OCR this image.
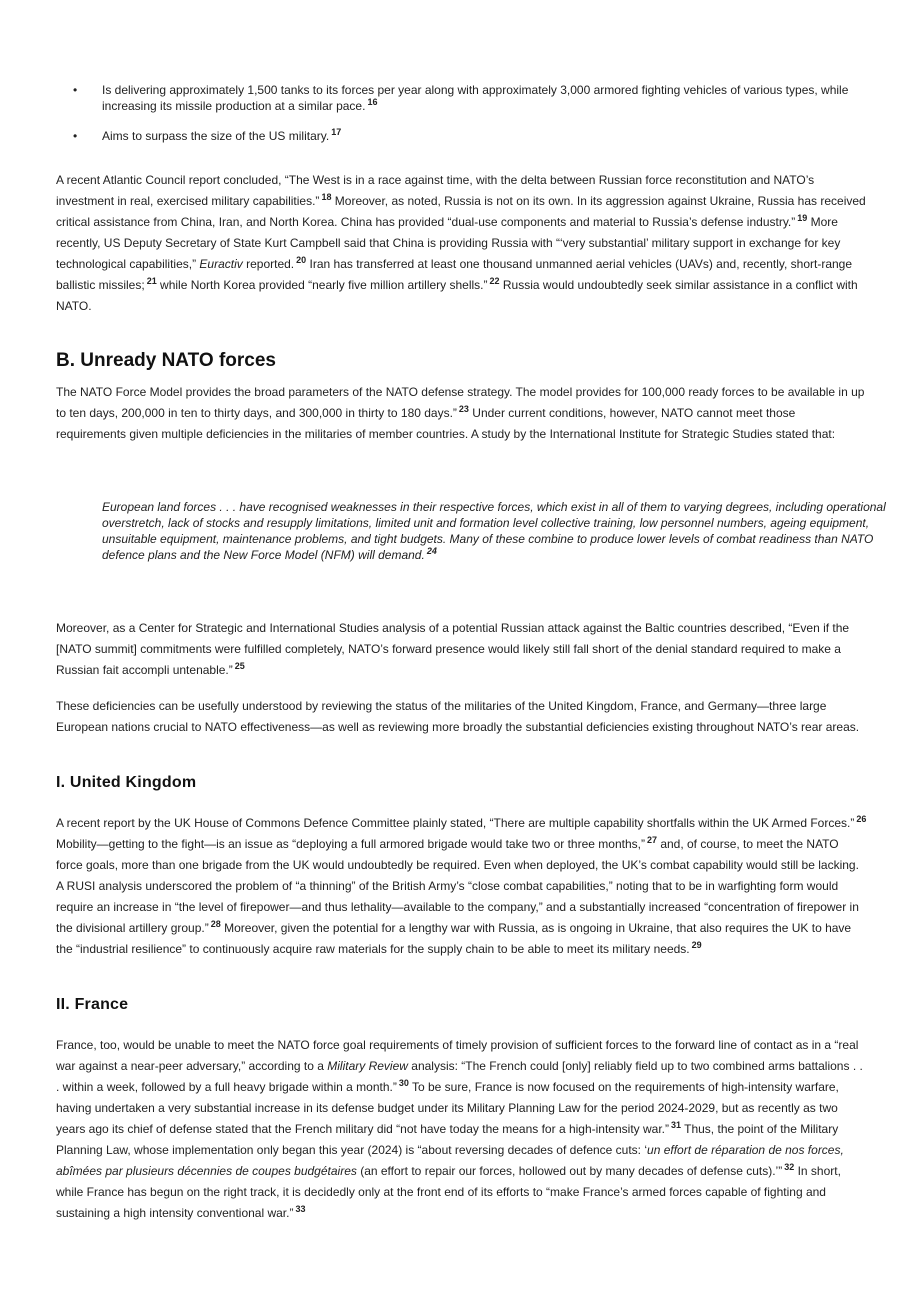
• Is delivering approximately 1,500 tanks to its forces per year along with approximately 3,000 armored fighting vehicles of various types, while increasing its missile production at a similar pace. $^{16}$
• Aims to surpass the size of the US military. $^{17}$

A recent Atlantic Council report concluded, “The West is in a race against time, with the delta between Russian force reconstitution and NATO’s investment in real, exercised military capabilities.” $^{18}$ Moreover, as noted, Russia is not on its own. In its aggression against Ukraine, Russia has received critical assistance from China, Iran, and North Korea. China has provided “dual-use components and material to Russia’s defense industry.” $^{19}$ More recently, US Deputy Secretary of State Kurt Campbell said that China is providing Russia with “‘very substantial’ military support in exchange for key technological capabilities,” Euractiv reported. $^{20}$ Iran has transferred at least one thousand unmanned aerial vehicles (UAVs) and, recently, short-range ballistic missiles; $^{21}$ while North Korea provided “nearly five million artillery shells.” $^{22}$ Russia would undoubtedly seek similar assistance in a conflict with NATO.

B. Unready NATO forces

The NATO Force Model provides the broad parameters of the NATO defense strategy. The model provides for 100,000 ready forces to be available in up to ten days, 200,000 in ten to thirty days, and 300,000 in thirty to 180 days.” $^{23}$ Under current conditions, however, NATO cannot meet those requirements given multiple deficiencies in the militaries of member countries. A study by the International Institute for Strategic Studies stated that:

European land forces . . . have recognised weaknesses in their respective forces, which exist in all of them to varying degrees, including operational overstretch, lack of stocks and resupply limitations, limited unit and formation level collective training, low personnel numbers, ageing equipment, unsuitable equipment, maintenance problems, and tight budgets. Many of these combine to produce lower levels of combat readiness than NATO defence plans and the New Force Model (NFM) will demand. $^{24}$

Moreover, as a Center for Strategic and International Studies analysis of a potential Russian attack against the Baltic countries described, “Even if the [NATO summit] commitments were fulfilled completely, NATO’s forward presence would likely still fall short of the denial standard required to make a Russian fait accompli untenable.” $^{25}$

These deficiencies can be usefully understood by reviewing the status of the militaries of the United Kingdom, France, and Germany—three large European nations crucial to NATO effectiveness—as well as reviewing more broadly the substantial deficiencies existing throughout NATO’s rear areas.

I. United Kingdom

A recent report by the UK House of Commons Defence Committee plainly stated, “There are multiple capability shortfalls within the UK Armed Forces.” $^{26}$ Mobility—getting to the fight—is an issue as “deploying a full armored brigade would take two or three months,” $^{27}$ and, of course, to meet the NATO force goals, more than one brigade from the UK would undoubtedly be required. Even when deployed, the UK’s combat capability would still be lacking. A RUSI analysis underscored the problem of “a thinning” of the British Army’s “close combat capabilities,” noting that to be in warfighting form would require an increase in “the level of firepower—and thus lethality—available to the company,” and a substantially increased “concentration of firepower in the divisional artillery group.” $^{28}$ Moreover, given the potential for a lengthy war with Russia, as is ongoing in Ukraine, that also requires the UK to have the “industrial resilience” to continuously acquire raw materials for the supply chain to be able to meet its military needs. $^{29}$

II. France

France, too, would be unable to meet the NATO force goal requirements of timely provision of sufficient forces to the forward line of contact as in a “real war against a near-peer adversary,” according to a Military Review analysis: “The French could [only] reliably field up to two combined arms battalions . . . within a week, followed by a full heavy brigade within a month.” $^{30}$ To be sure, France is now focused on the requirements of high-intensity warfare, having undertaken a very substantial increase in its defense budget under its Military Planning Law for the period 2024-2029, but as recently as two years ago its chief of defense stated that the French military did “not have today the means for a high-intensity war.” $^{31}$ Thus, the point of the Military Planning Law, whose implementation only began this year (2024) is “about reversing decades of defence cuts: ‘un effort de réparation de nos forces, abîmées par plusieurs décennies de coupes budgétaires (an effort to repair our forces, hollowed out by many decades of defense cuts).’” $^{32}$ In short, while France has begun on the right track, it is decidedly only at the front end of its efforts to “make France’s armed forces capable of fighting and sustaining a high intensity conventional war.” $^{33}$
